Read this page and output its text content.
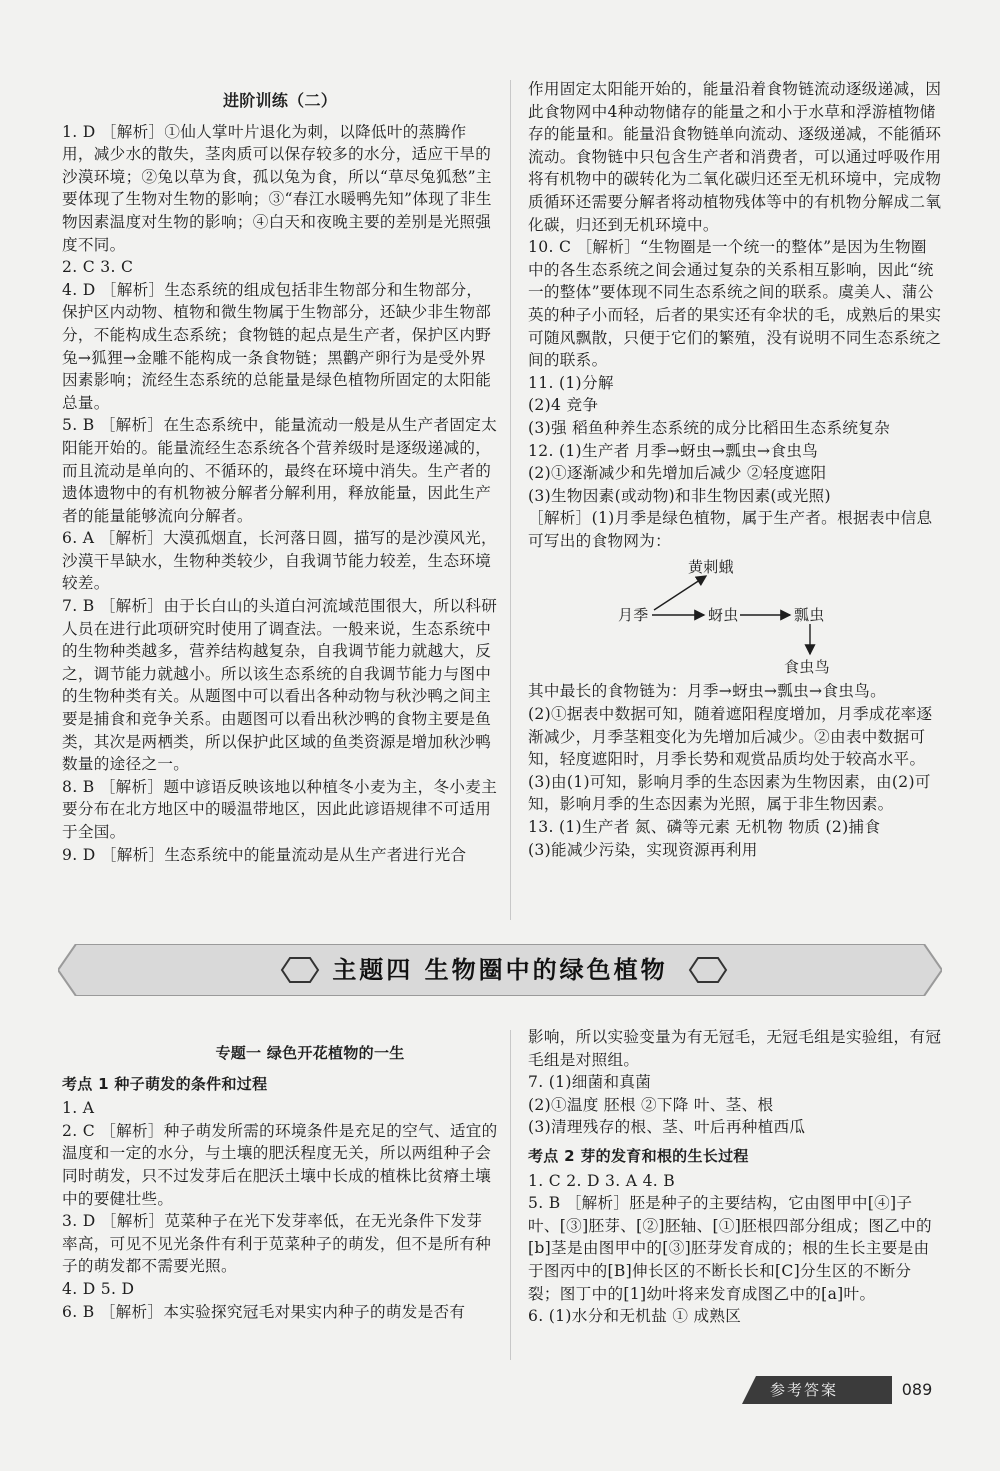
进阶训练（二）
1. D ［解析］①仙人掌叶片退化为刺，以降低叶的蒸腾作用，减少水的散失，茎肉质可以保存较多的水分，适应干旱的沙漠环境；②兔以草为食，孤以兔为食，所以“草尽兔狐愁”主要体现了生物对生物的影响；③“春江水暖鸭先知”体现了非生物因素温度对生物的影响；④白天和夜晚主要的差别是光照强度不同。
2. C 3. C
4. D ［解析］生态系统的组成包括非生物部分和生物部分，保护区内动物、植物和微生物属于生物部分，还缺少非生物部分，不能构成生态系统；食物链的起点是生产者，保护区内野兔→狐狸→金雕不能构成一条食物链；黑鹳产卵行为是受外界因素影响；流经生态系统的总能量是绿色植物所固定的太阳能总量。
5. B ［解析］在生态系统中，能量流动一般是从生产者固定太阳能开始的。能量流经生态系统各个营养级时是逐级递减的，而且流动是单向的、不循环的，最终在环境中消失。生产者的遗体遗物中的有机物被分解者分解利用，释放能量，因此生产者的能量能够流向分解者。
6. A ［解析］大漠孤烟直，长河落日圆，描写的是沙漠风光，沙漠干旱缺水，生物种类较少，自我调节能力较差，生态环境较差。
7. B ［解析］由于长白山的头道白河流域范围很大，所以科研人员在进行此项研究时使用了调查法。一般来说，生态系统中的生物种类越多，营养结构越复杂，自我调节能力就越大，反之，调节能力就越小。所以该生态系统的自我调节能力与图中的生物种类有关。从题图中可以看出各种动物与秋沙鸭之间主要是捕食和竞争关系。由题图可以看出秋沙鸭的食物主要是鱼类，其次是两栖类，所以保护此区域的鱼类资源是增加秋沙鸭数量的途径之一。
8. B ［解析］题中谚语反映该地以种植冬小麦为主，冬小麦主要分布在北方地区中的暖温带地区，因此此谚语规律不可适用于全国。
9. D ［解析］生态系统中的能量流动是从生产者进行光合
作用固定太阳能开始的，能量沿着食物链流动逐级递减，因此食物网中4种动物储存的能量之和小于水草和浮游植物储存的能量和。能量沿食物链单向流动、逐级递减，不能循环流动。食物链中只包含生产者和消费者，可以通过呼吸作用将有机物中的碳转化为二氧化碳归还至无机环境中，完成物质循环还需要分解者将动植物残体等中的有机物分解成二氧化碳，归还到无机环境中。
10. C ［解析］“生物圈是一个统一的整体”是因为生物圈中的各生态系统之间会通过复杂的关系相互影响，因此“统一的整体”要体现不同生态系统之间的联系。虞美人、蒲公英的种子小而轻，后者的果实还有伞状的毛，成熟后的果实可随风飘散，只便于它们的繁殖，没有说明不同生态系统之间的联系。
11. (1)分解
(2)4 竞争
(3)强 稻鱼种养生态系统的成分比稻田生态系统复杂
12. (1)生产者 月季→蚜虫→瓢虫→食虫鸟
(2)①逐渐减少和先增加后减少 ②轻度遮阳
(3)生物因素(或动物)和非生物因素(或光照)
［解析］(1)月季是绿色植物，属于生产者。根据表中信息可写出的食物网为：
黄刺蛾
月季	蚜虫	瓢虫
食虫鸟
其中最长的食物链为：月季→蚜虫→瓢虫→食虫鸟。
(2)①据表中数据可知，随着遮阳程度增加，月季成花率逐渐减少，月季茎粗变化为先增加后减少。②由表中数据可知，轻度遮阳时，月季长势和观赏品质均处于较高水平。
(3)由(1)可知，影响月季的生态因素为生物因素，由(2)可知，影响月季的生态因素为光照，属于非生物因素。
13. (1)生产者 氮、磷等元素 无机物 物质 (2)捕食
(3)能减少污染，实现资源再利用
主题四 生物圈中的绿色植物
专题一 绿色开花植物的一生
考点 1 种子萌发的条件和过程
1. A
2. C ［解析］种子萌发所需的环境条件是充足的空气、适宜的温度和一定的水分，与土壤的肥沃程度无关，所以两组种子会同时萌发，只不过发芽后在肥沃土壤中长成的植株比贫瘠土壤中的要健壮些。
3. D ［解析］苋菜种子在光下发芽率低，在无光条件下发芽率高，可见不见光条件有利于苋菜种子的萌发，但不是所有种子的萌发都不需要光照。
4. D 5. D
6. B ［解析］本实验探究冠毛对果实内种子的萌发是否有
影响，所以实验变量为有无冠毛，无冠毛组是实验组，有冠毛组是对照组。
7. (1)细菌和真菌
(2)①温度 胚根 ②下降 叶、茎、根
(3)清理残存的根、茎、叶后再种植西瓜
考点 2 芽的发育和根的生长过程
1. C 2. D 3. A 4. B
5. B ［解析］胚是种子的主要结构，它由图甲中[④]子叶、[③]胚芽、[②]胚轴、[①]胚根四部分组成；图乙中的[b]茎是由图甲中的[③]胚芽发育成的；根的生长主要是由于图丙中的[B]伸长区的不断长长和[C]分生区的不断分裂；图丁中的[1]幼叶将来发育成图乙中的[a]叶。
6. (1)水分和无机盐 ① 成熟区
参考答案	089
